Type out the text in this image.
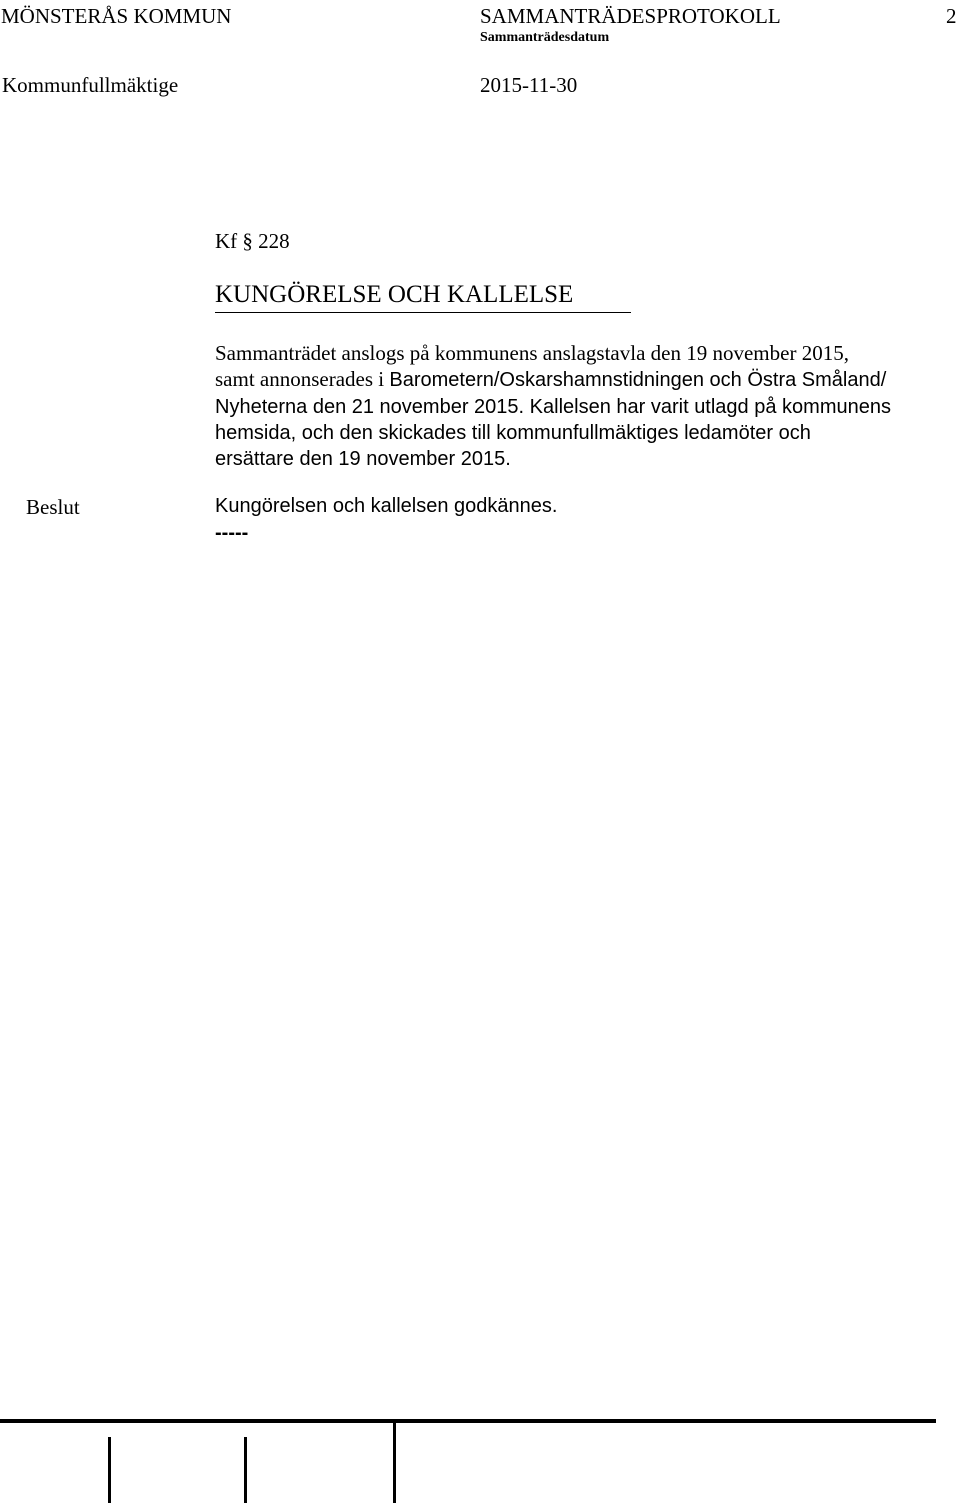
MÖNSTERÅS KOMMUN	SAMMANTRÄDESPROTOKOLL	2
Sammanträdesdatum
Kommunfullmäktige	2015-11-30
Kf § 228
KUNGÖRELSE OCH KALLELSE
Sammanträdet anslogs på kommunens anslagstavla den 19 november 2015,
samt annonserades i Barometern/Oskarshamnstidningen och Östra Småland/
Nyheterna den 21 november 2015. Kallelsen har varit utlagd på kommunens
hemsida, och den skickades till kommunfullmäktiges ledamöter och
ersättare den 19 november 2015.
Beslut	Kungörelsen och kallelsen godkännes.
-----
